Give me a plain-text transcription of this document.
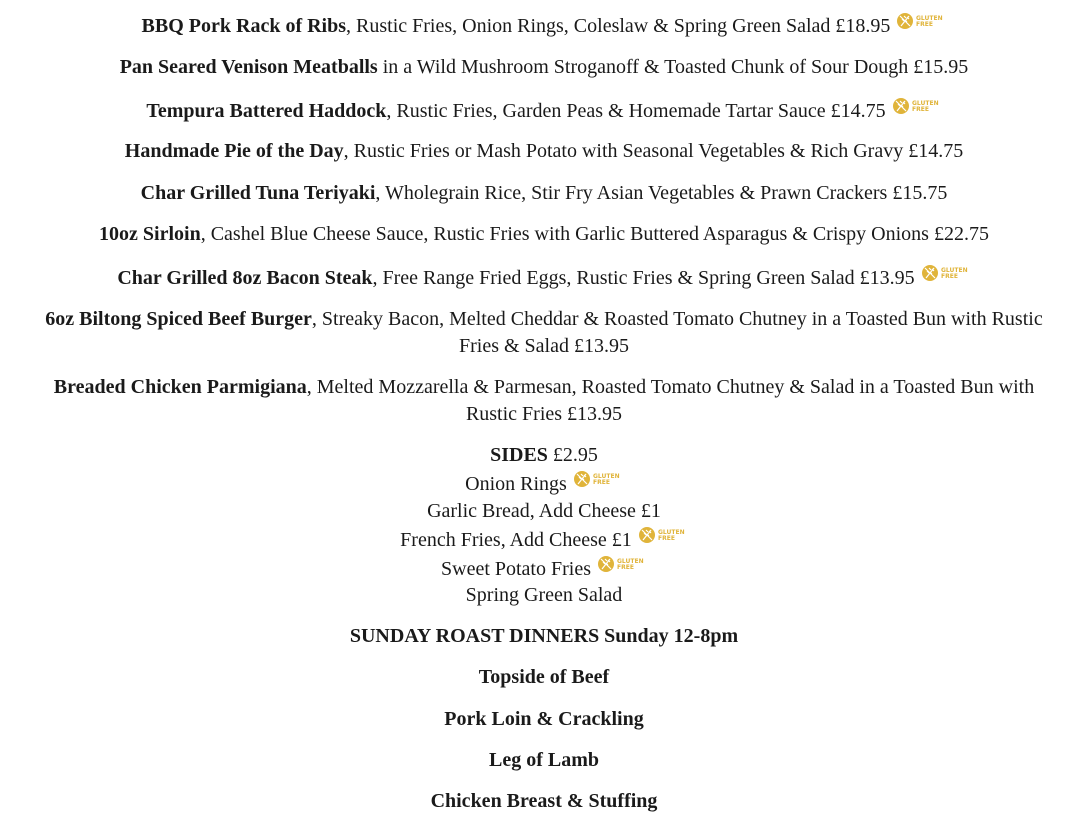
BBQ Pork Rack of Ribs, Rustic Fries, Onion Rings, Coleslaw & Spring Green Salad £18.95	GLUTEN
FREE
Pan Seared Venison Meatballs in a Wild Mushroom Stroganoff & Toasted Chunk of Sour Dough £15.95
Tempura Battered Haddock, Rustic Fries, Garden Peas & Homemade Tartar Sauce £14.75	GLUTEN
FREE
Handmade Pie of the Day, Rustic Fries or Mash Potato with Seasonal Vegetables & Rich Gravy £14.75
Char Grilled Tuna Teriyaki, Wholegrain Rice, Stir Fry Asian Vegetables & Prawn Crackers £15.75
10oz Sirloin, Cashel Blue Cheese Sauce, Rustic Fries with Garlic Buttered Asparagus & Crispy Onions £22.75
Char Grilled 8oz Bacon Steak, Free Range Fried Eggs, Rustic Fries & Spring Green Salad £13.95	GLUTEN
FREE
6oz Biltong Spiced Beef Burger, Streaky Bacon, Melted Cheddar & Roasted Tomato Chutney in a Toasted Bun with Rustic Fries & Salad £13.95
Breaded Chicken Parmigiana, Melted Mozzarella & Parmesan, Roasted Tomato Chutney & Salad in a Toasted Bun with Rustic Fries £13.95
SIDES £2.95
Onion Rings	GLUTEN
FREE
Garlic Bread, Add Cheese £1
French Fries, Add Cheese £1	GLUTEN
FREE
Sweet Potato Fries	GLUTEN
FREE
Spring Green Salad
SUNDAY ROAST DINNERS Sunday 12-8pm
Topside of Beef
Pork Loin & Crackling
Leg of Lamb
Chicken Breast & Stuffing
